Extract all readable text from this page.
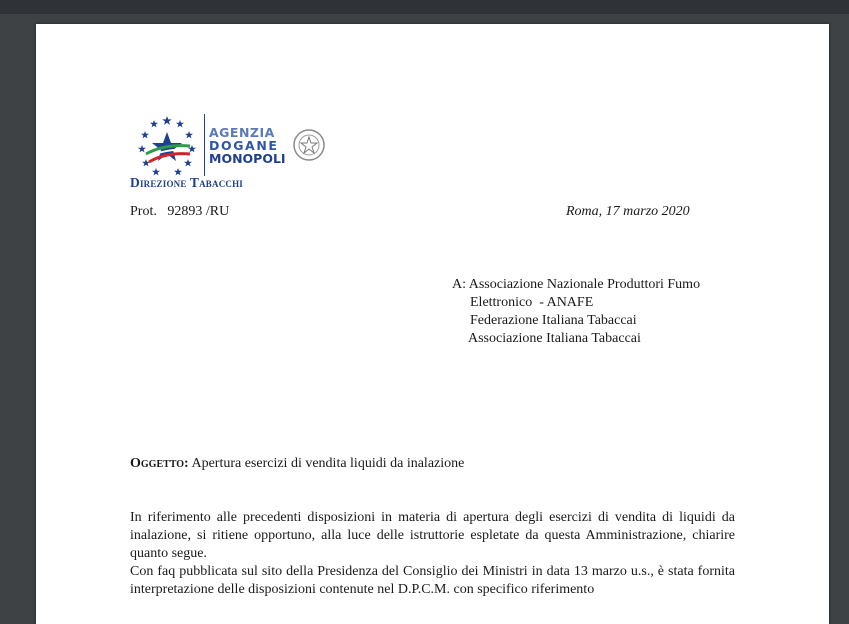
AGENZIA
DOGANE
MONOPOLI
Direzione Tabacchi
Prot.   92893 /RU	Roma, 17 marzo 2020
A: Associazione Nazionale Produttori Fumo
Elettronico  - ANAFE
Federazione Italiana Tabaccai
Associazione Italiana Tabaccai
Oggetto: Apertura esercizi di vendita liquidi da inalazione

In riferimento alle precedenti disposizioni in materia di apertura degli esercizi di vendita di liquidi da inalazione, si ritiene opportuno, alla luce delle istruttorie espletate da questa Amministrazione, chiarire quanto segue.

Con faq pubblicata sul sito della Presidenza del Consiglio dei Ministri in data 13 marzo u.s., è stata fornita interpretazione delle disposizioni contenute nel D.P.C.M. con specifico riferimento
